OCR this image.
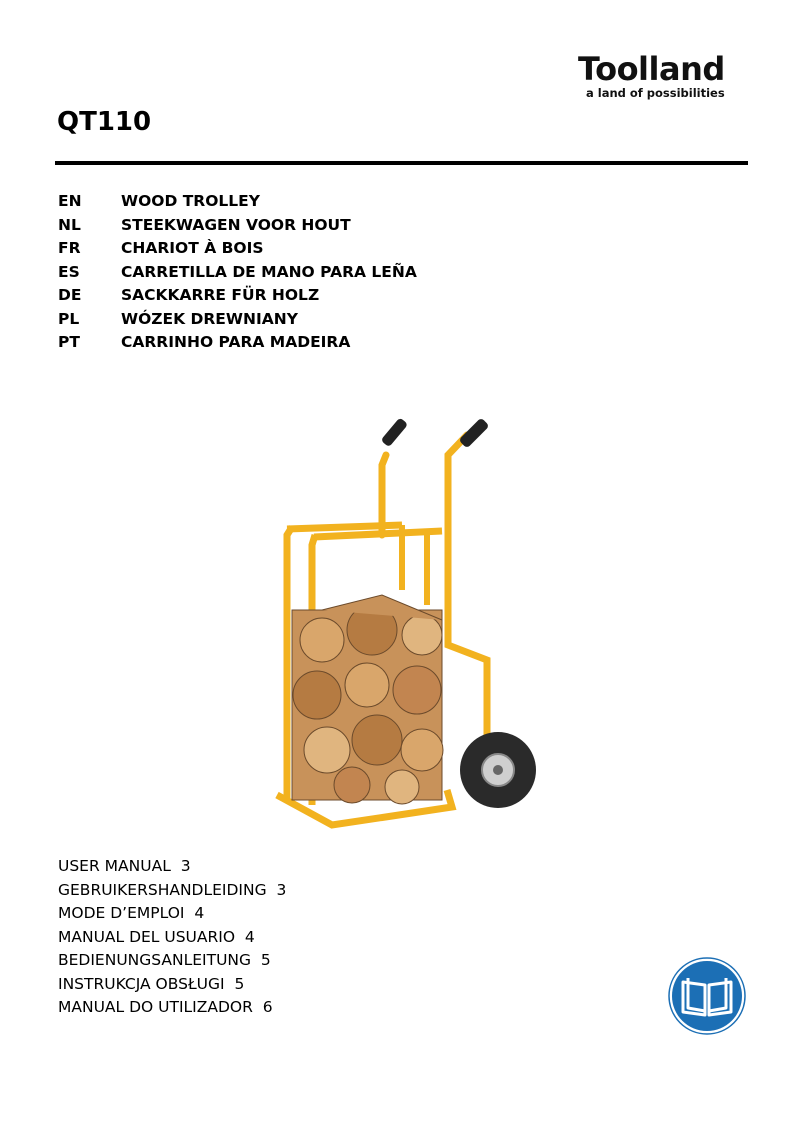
Toolland
a land of possibilities
QT110
EN	WOOD TROLLEY
NL	STEEKWAGEN VOOR HOUT
FR	CHARIOT À BOIS
ES	CARRETILLA DE MANO PARA LEÑA
DE	SACKKARRE FÜR HOLZ
PL	WÓZEK DREWNIANY
PT	CARRINHO PARA MADEIRA
USER MANUAL 3
GEBRUIKERSHANDLEIDING 3
MODE D’EMPLOI 4
MANUAL DEL USUARIO 4
BEDIENUNGSANLEITUNG 5
INSTRUKCJA OBSŁUGI 5
MANUAL DO UTILIZADOR 6
